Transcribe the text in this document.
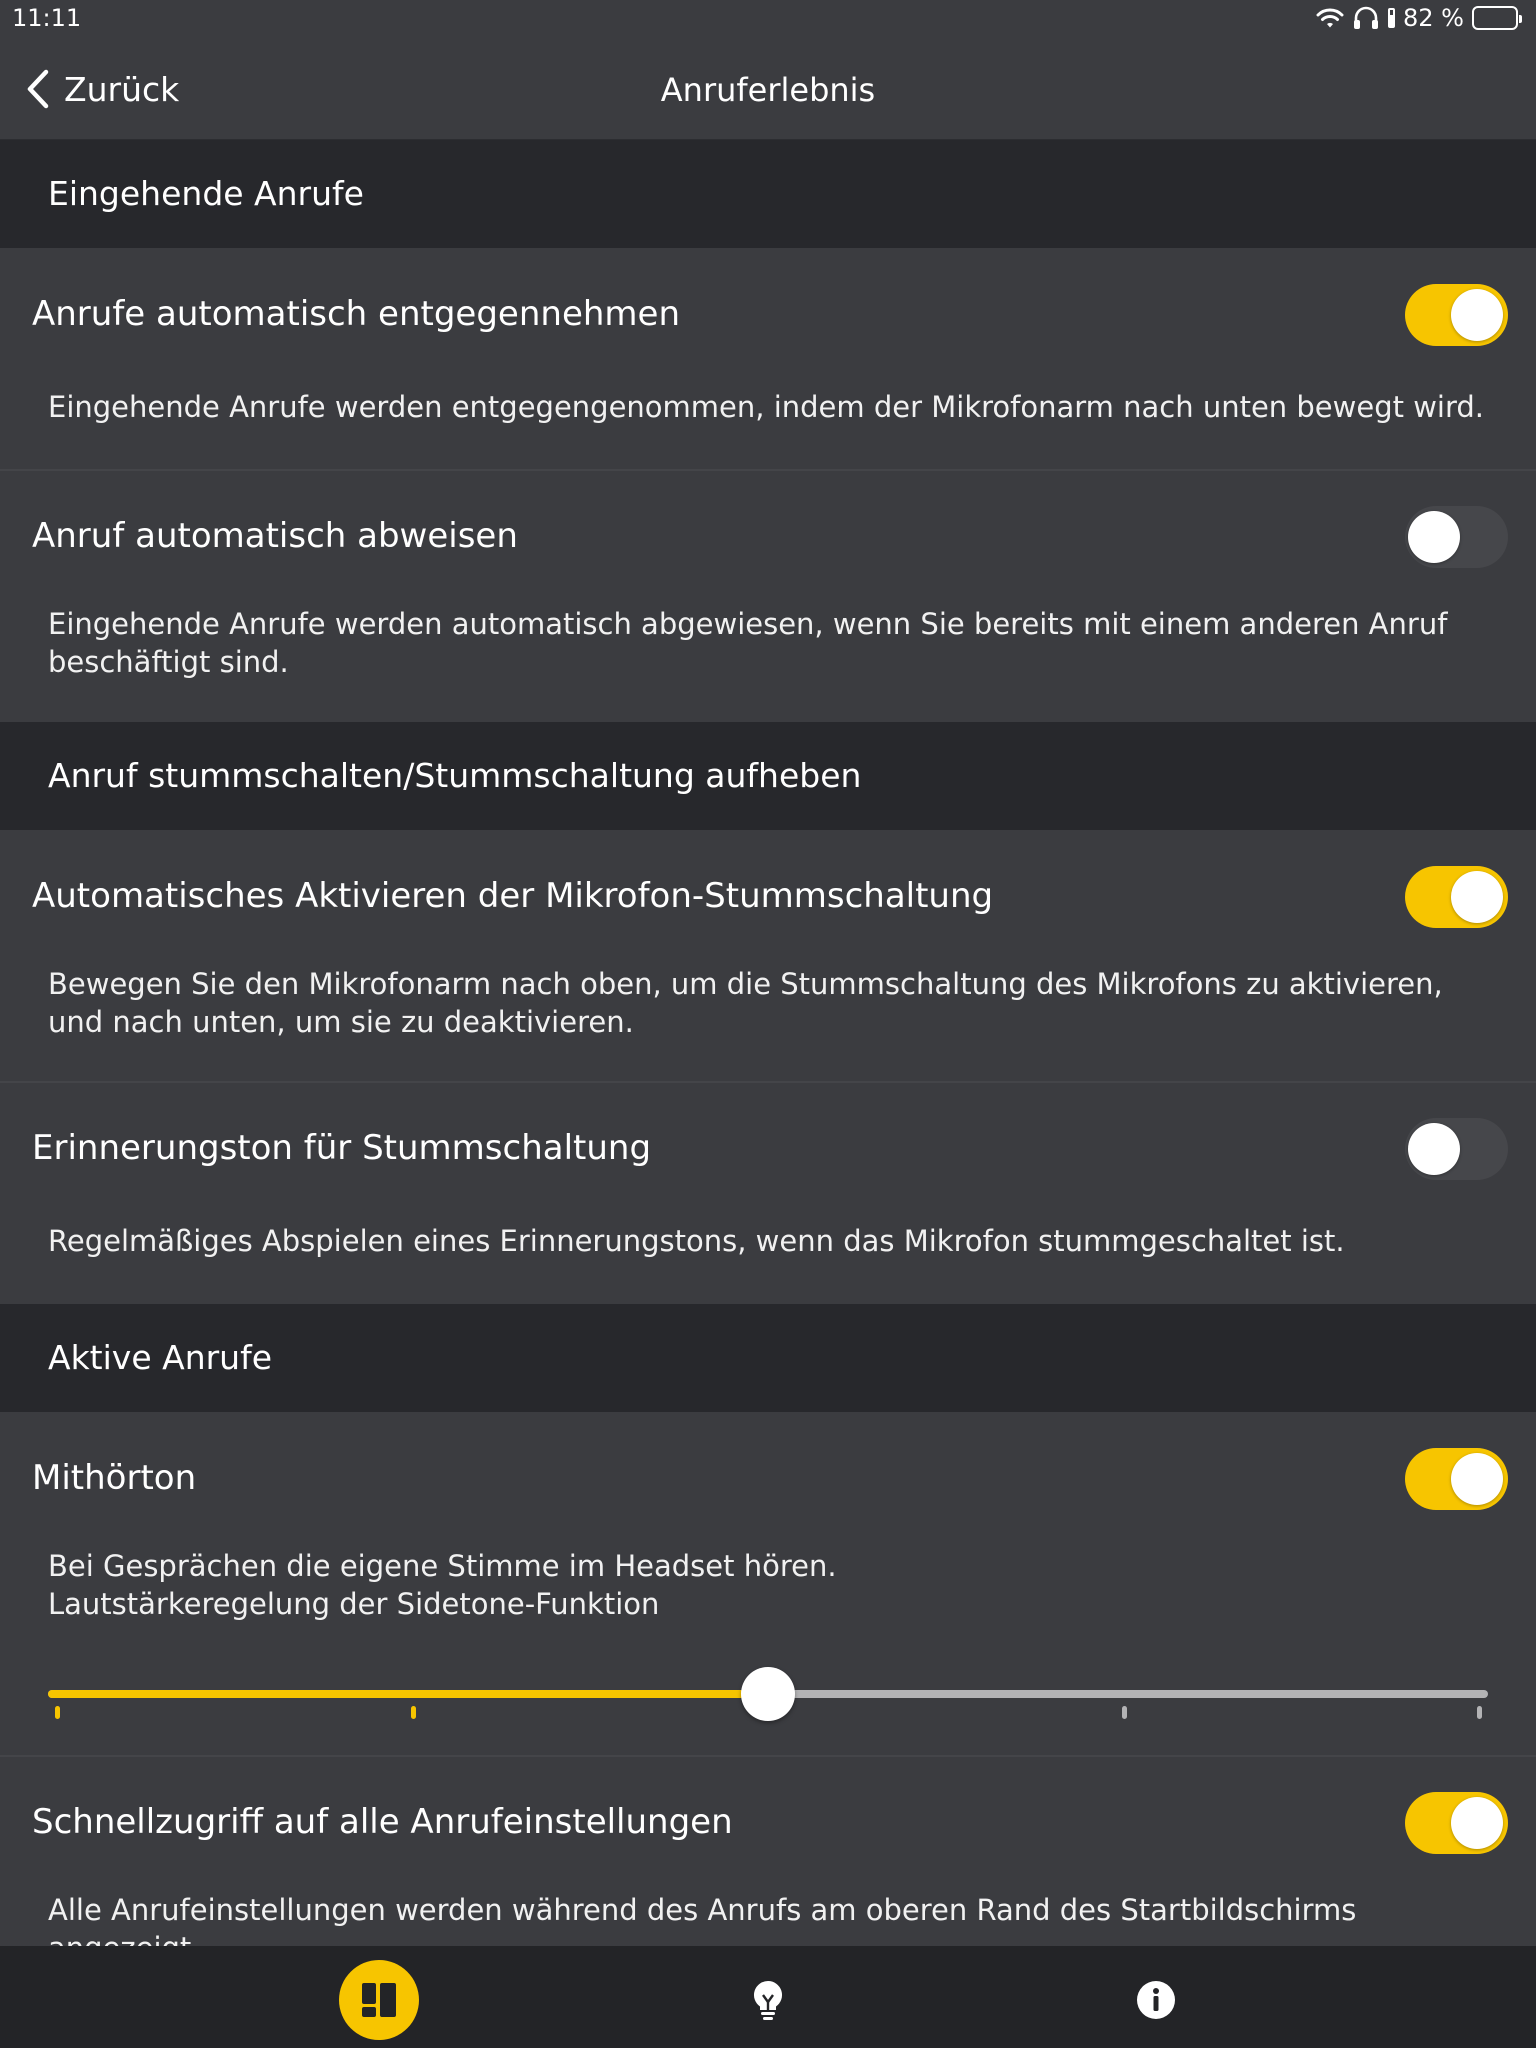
11:11	82 %
Zurück	Anruferlebnis
Eingehende Anrufe
Anrufe automatisch entgegennehmen
Eingehende Anrufe werden entgegengenommen, indem der Mikrofonarm nach unten bewegt wird.
Anruf automatisch abweisen
Eingehende Anrufe werden automatisch abgewiesen, wenn Sie bereits mit einem anderen Anruf beschäftigt sind.
Anruf stummschalten/Stummschaltung aufheben
Automatisches Aktivieren der Mikrofon-Stummschaltung
Bewegen Sie den Mikrofonarm nach oben, um die Stummschaltung des Mikrofons zu aktivieren, und nach unten, um sie zu deaktivieren.
Erinnerungston für Stummschaltung
Regelmäßiges Abspielen eines Erinnerungstons, wenn das Mikrofon stummgeschaltet ist.
Aktive Anrufe
Mithörton
Bei Gesprächen die eigene Stimme im Headset hören.
Lautstärkeregelung der Sidetone-Funktion
Schnellzugriff auf alle Anrufeinstellungen
Alle Anrufeinstellungen werden während des Anrufs am oberen Rand des Startbildschirms
